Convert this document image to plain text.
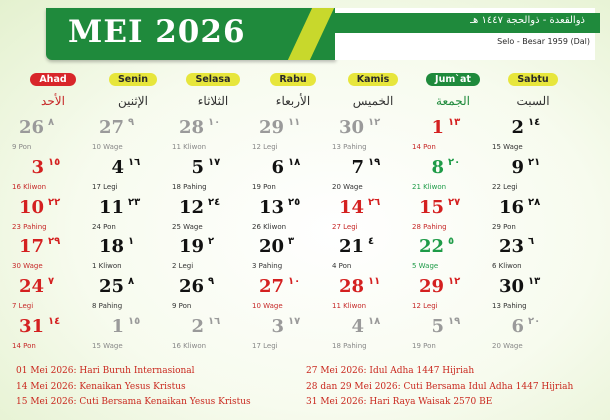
MEI 2026	ذوالقعدة - ذوالحجة ١٤٤٧ هـ
Selo - Besar 1959 (Dal)
Ahad
الأحد
Senin
الإثنين
Selasa
الثلاثاء
Rabu
الأربعاء
Kamis
الخميس
Jum`at
الجمعة
Sabtu
السبت
26 ٨
9 Pon
27 ٩
10 Wage
28 ١٠
11 Kliwon
29 ١١
12 Legi
30 ١٢
13 Pahing
1 ١٣
14 Pon
2 ١٤
15 Wage
3 ١٥
16 Kliwon
4 ١٦
17 Legi
5 ١٧
18 Pahing
6 ١٨
19 Pon
7 ١٩
20 Wage
8 ٢٠
21 Kliwon
9 ٢١
22 Legi
10 ٢٢
23 Pahing
11 ٢٣
24 Pon
12 ٢٤
25 Wage
13 ٢٥
26 Kliwon
14 ٢٦
27 Legi
15 ٢٧
28 Pahing
16 ٢٨
29 Pon
17 ٢٩
30 Wage
18 ١
1 Kliwon
19 ٢
2 Legi
20 ٣
3 Pahing
21 ٤
4 Pon
22 ٥
5 Wage
23 ٦
6 Kliwon
24 ٧
7 Legi
25 ٨
8 Pahing
26 ٩
9 Pon
27 ١٠
10 Wage
28 ١١
11 Kliwon
29 ١٢
12 Legi
30 ١٣
13 Pahing
31 ١٤
14 Pon
1 ١٥
15 Wage
2 ١٦
16 Kliwon
3 ١٧
17 Legi
4 ١٨
18 Pahing
5 ١٩
19 Pon
6 ٢٠
20 Wage
01 Mei 2026: Hari Buruh Internasional
14 Mei 2026: Kenaikan Yesus Kristus
15 Mei 2026: Cuti Bersama Kenaikan Yesus Kristus
27 Mei 2026: Idul Adha 1447 Hijriah
28 dan 29 Mei 2026: Cuti Bersama Idul Adha 1447 Hijriah
31 Mei 2026: Hari Raya Waisak 2570 BE
